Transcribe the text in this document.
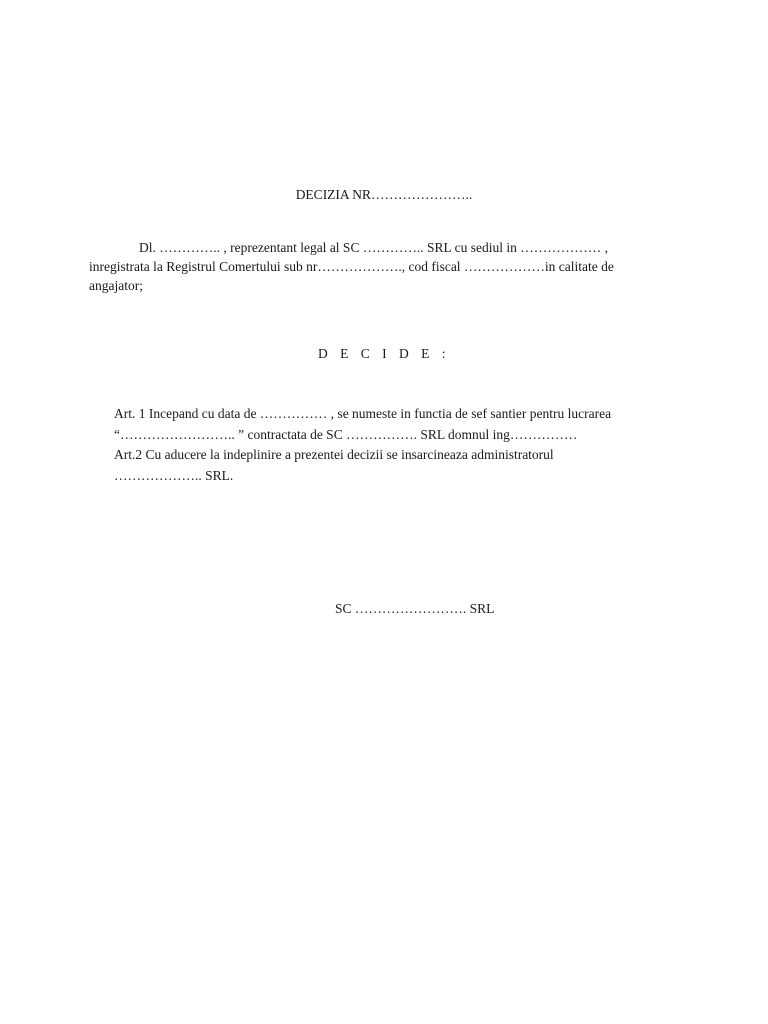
DECIZIA NR…………………..
Dl. ………….. , reprezentant legal al SC ………….. SRL cu sediul in ……………… ,
inregistrata la Registrul Comertului sub nr………………., cod fiscal ………………in calitate de
angajator;
D E C I D E :
Art. 1 Incepand cu data de …………… , se numeste in functia de sef santier pentru lucrarea
“…………………….. ” contractata de SC ……………. SRL domnul ing……………
Art.2 Cu aducere la indeplinire a prezentei decizii se insarcineaza administratorul
……………….. SRL.
SC ……………………. SRL
